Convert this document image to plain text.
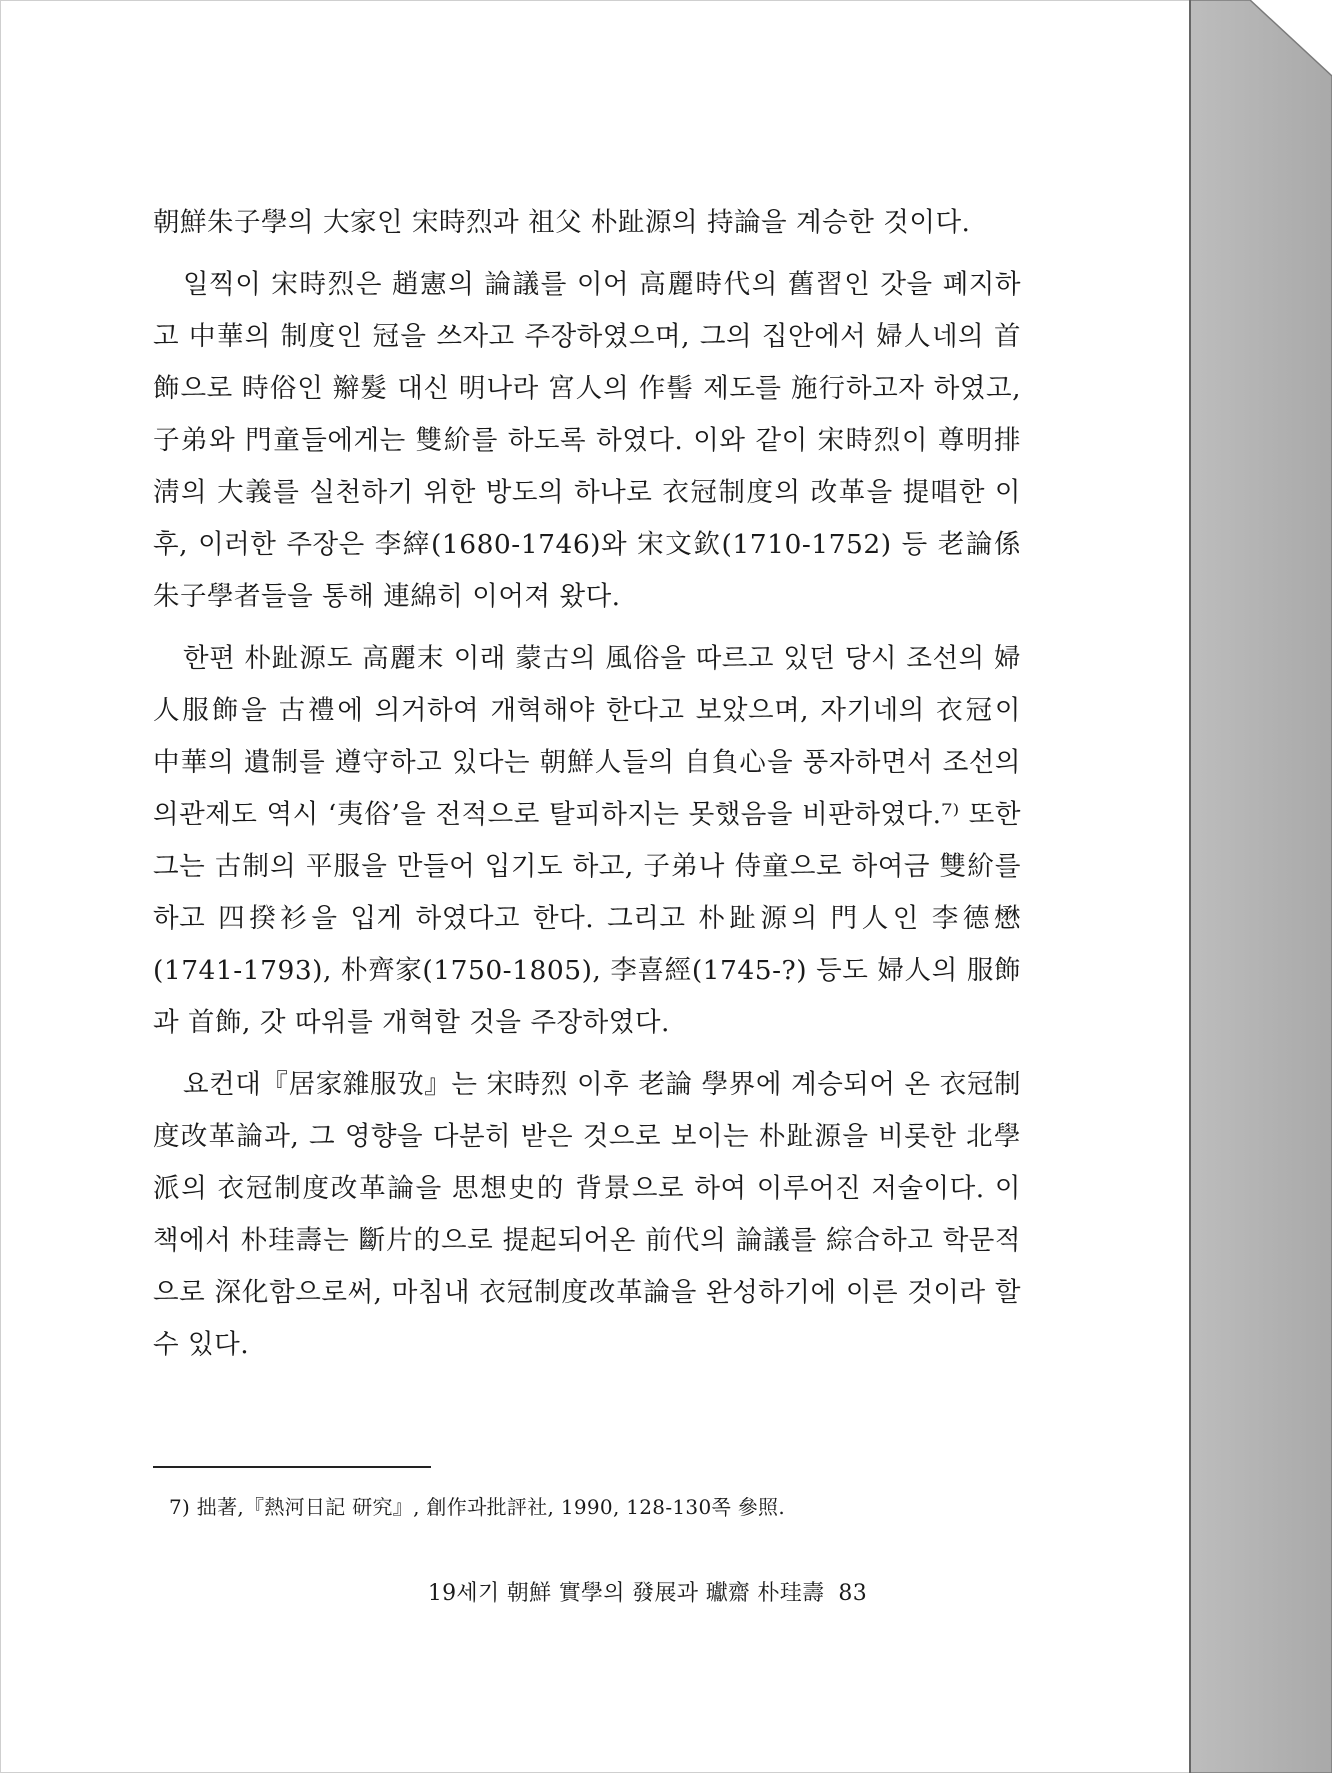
朝鮮朱子學의 大家인 宋時烈과 祖父 朴趾源의 持論을 계승한 것이다.

일찍이 宋時烈은 趙憲의 論議를 이어 高麗時代의 舊習인 갓을 폐지하고 中華의 制度인 冠을 쓰자고 주장하였으며, 그의 집안에서 婦人네의 首飾으로 時俗인 辮髮 대신 明나라 宮人의 作髻 제도를 施行하고자 하였고, 子弟와 門童들에게는 雙紒를 하도록 하였다. 이와 같이 宋時烈이 尊明排淸의 大義를 실천하기 위한 방도의 하나로 衣冠制度의 改革을 提唱한 이후, 이러한 주장은 李縡(1680-1746)와 宋文欽(1710-1752) 등 老論係 朱子學者들을 통해 連綿히 이어져 왔다.

한편 朴趾源도 高麗末 이래 蒙古의 風俗을 따르고 있던 당시 조선의 婦人服飾을 古禮에 의거하여 개혁해야 한다고 보았으며, 자기네의 衣冠이 中華의 遺制를 遵守하고 있다는 朝鮮人들의 自負心을 풍자하면서 조선의 의관제도 역시 ‘夷俗’을 전적으로 탈피하지는 못했음을 비판하였다.⁷⁾ 또한 그는 古制의 平服을 만들어 입기도 하고, 子弟나 侍童으로 하여금 雙紒를 하고 四揆衫을 입게 하였다고 한다. 그리고 朴趾源의 門人인 李德懋(1741-1793), 朴齊家(1750-1805), 李喜經(1745-?) 등도 婦人의 服飾과 首飾, 갓 따위를 개혁할 것을 주장하였다.

요컨대『居家雜服攷』는 宋時烈 이후 老論 學界에 계승되어 온 衣冠制度改革論과, 그 영향을 다분히 받은 것으로 보이는 朴趾源을 비롯한 北學派의 衣冠制度改革論을 思想史的 背景으로 하여 이루어진 저술이다. 이 책에서 朴珪壽는 斷片的으로 提起되어온 前代의 論議를 綜合하고 학문적으로 深化함으로써, 마침내 衣冠制度改革論을 완성하기에 이른 것이라 할 수 있다.

7) 拙著,『熱河日記 研究』, 創作과批評社, 1990, 128-130쪽 參照.
19세기 朝鮮 實學의 發展과 瓛齋 朴珪壽 83
